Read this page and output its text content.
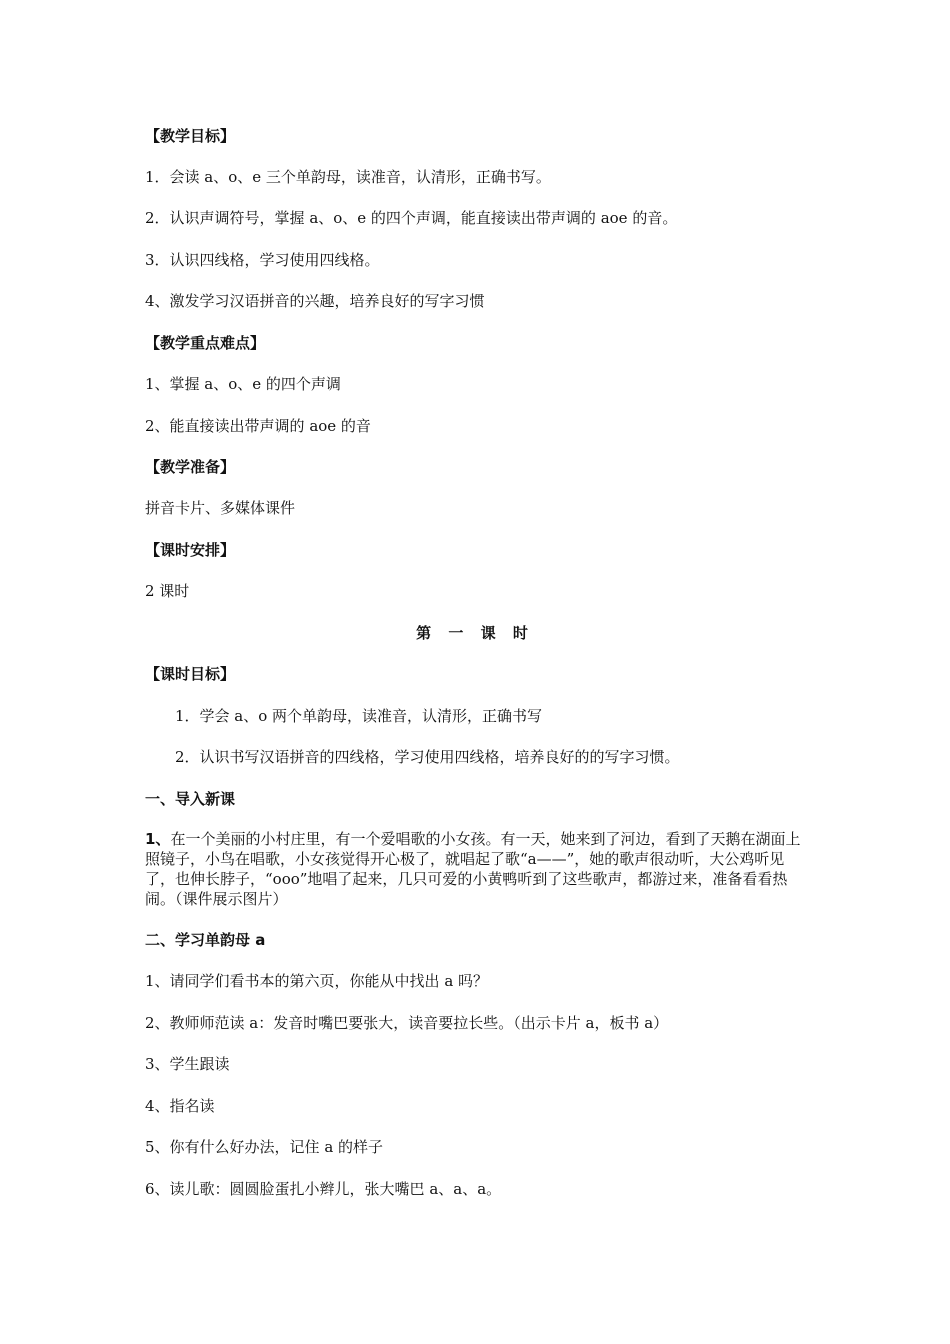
【教学目标】
1．会读 a、o、e 三个单韵母，读准音，认清形，正确书写。
2．认识声调符号，掌握 a、o、e 的四个声调，能直接读出带声调的 aoe 的音。
3．认识四线格，学习使用四线格。
4、激发学习汉语拼音的兴趣，培养良好的写字习惯
【教学重点难点】
1、掌握 a、o、e 的四个声调
2、能直接读出带声调的 aoe 的音
【教学准备】
拼音卡片、多媒体课件
【课时安排】
2 课时
第 一 课 时
【课时目标】
1．学会 a、o 两个单韵母，读准音，认清形，正确书写
2．认识书写汉语拼音的四线格，学习使用四线格，培养良好的的写字习惯。
一、导入新课
1、在一个美丽的小村庄里，有一个爱唱歌的小女孩。有一天，她来到了河边，看到了天鹅在湖面上照镜子，小鸟在唱歌，小女孩觉得开心极了，就唱起了歌“a——”，她的歌声很动听，大公鸡听见了，也伸长脖子，“ooo”地唱了起来，几只可爱的小黄鸭听到了这些歌声，都游过来，准备看看热闹。（课件展示图片）
二、学习单韵母 a
1、请同学们看书本的第六页，你能从中找出 a 吗？
2、教师师范读 a：发音时嘴巴要张大，读音要拉长些。（出示卡片 a，板书 a）
3、学生跟读
4、指名读
5、你有什么好办法，记住 a 的样子
6、读儿歌：圆圆脸蛋扎小辫儿，张大嘴巴 a、a、a。
